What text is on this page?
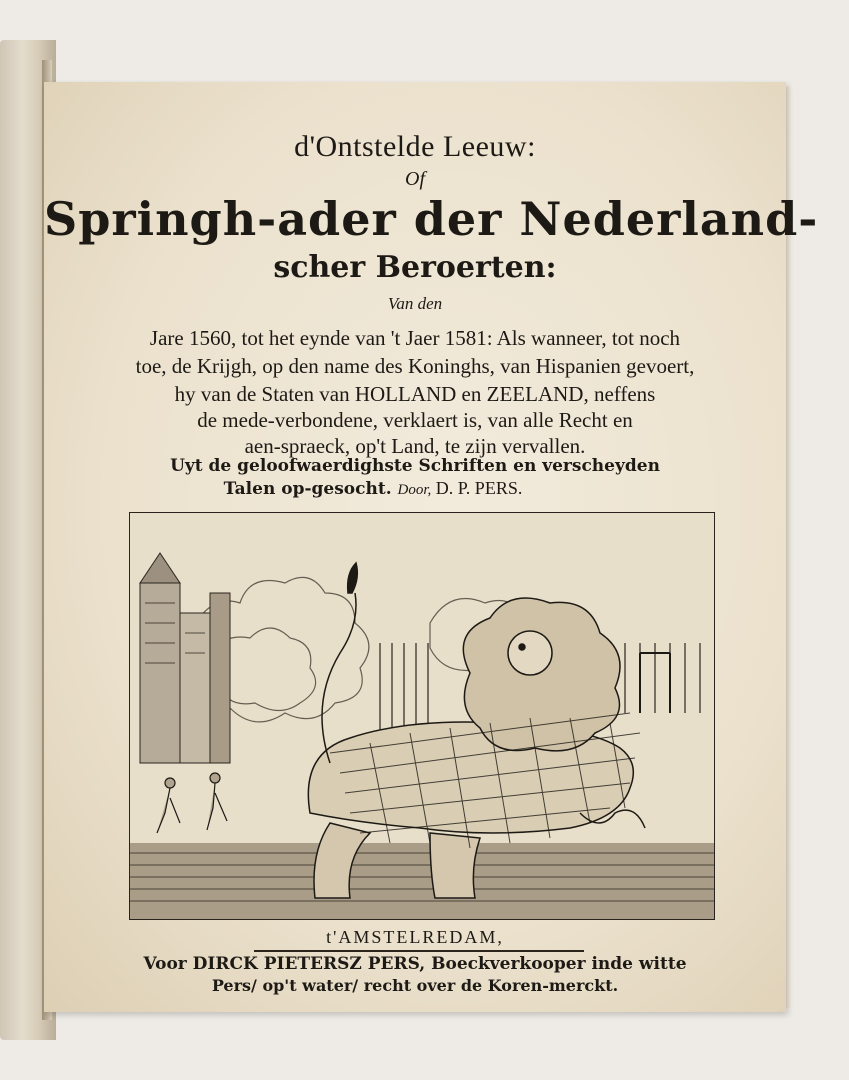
d'Ontstelde Leeuw:
Of
Springh-ader der Nederland-
scher Beroerten:
Van den
Jare 1560, tot het eynde van 't Jaer 1581: Als wanneer, tot noch
toe, de Krijgh, op den name des Koninghs, van Hispanien gevoert,
hy van de Staten van HOLLAND en ZEELAND, neffens
de mede-verbondene, verklaert is, van alle Recht en
aen-spraeck, op't Land, te zijn vervallen.
Uyt de geloofwaerdighste Schriften en verscheyden
Talen op-gesocht. Door, D. P. PERS.
t'AMSTELREDAM,
Voor DIRCK PIETERSZ PERS, Boeckverkooper inde witte
Pers/ op't water/ recht over de Koren-merckt.
